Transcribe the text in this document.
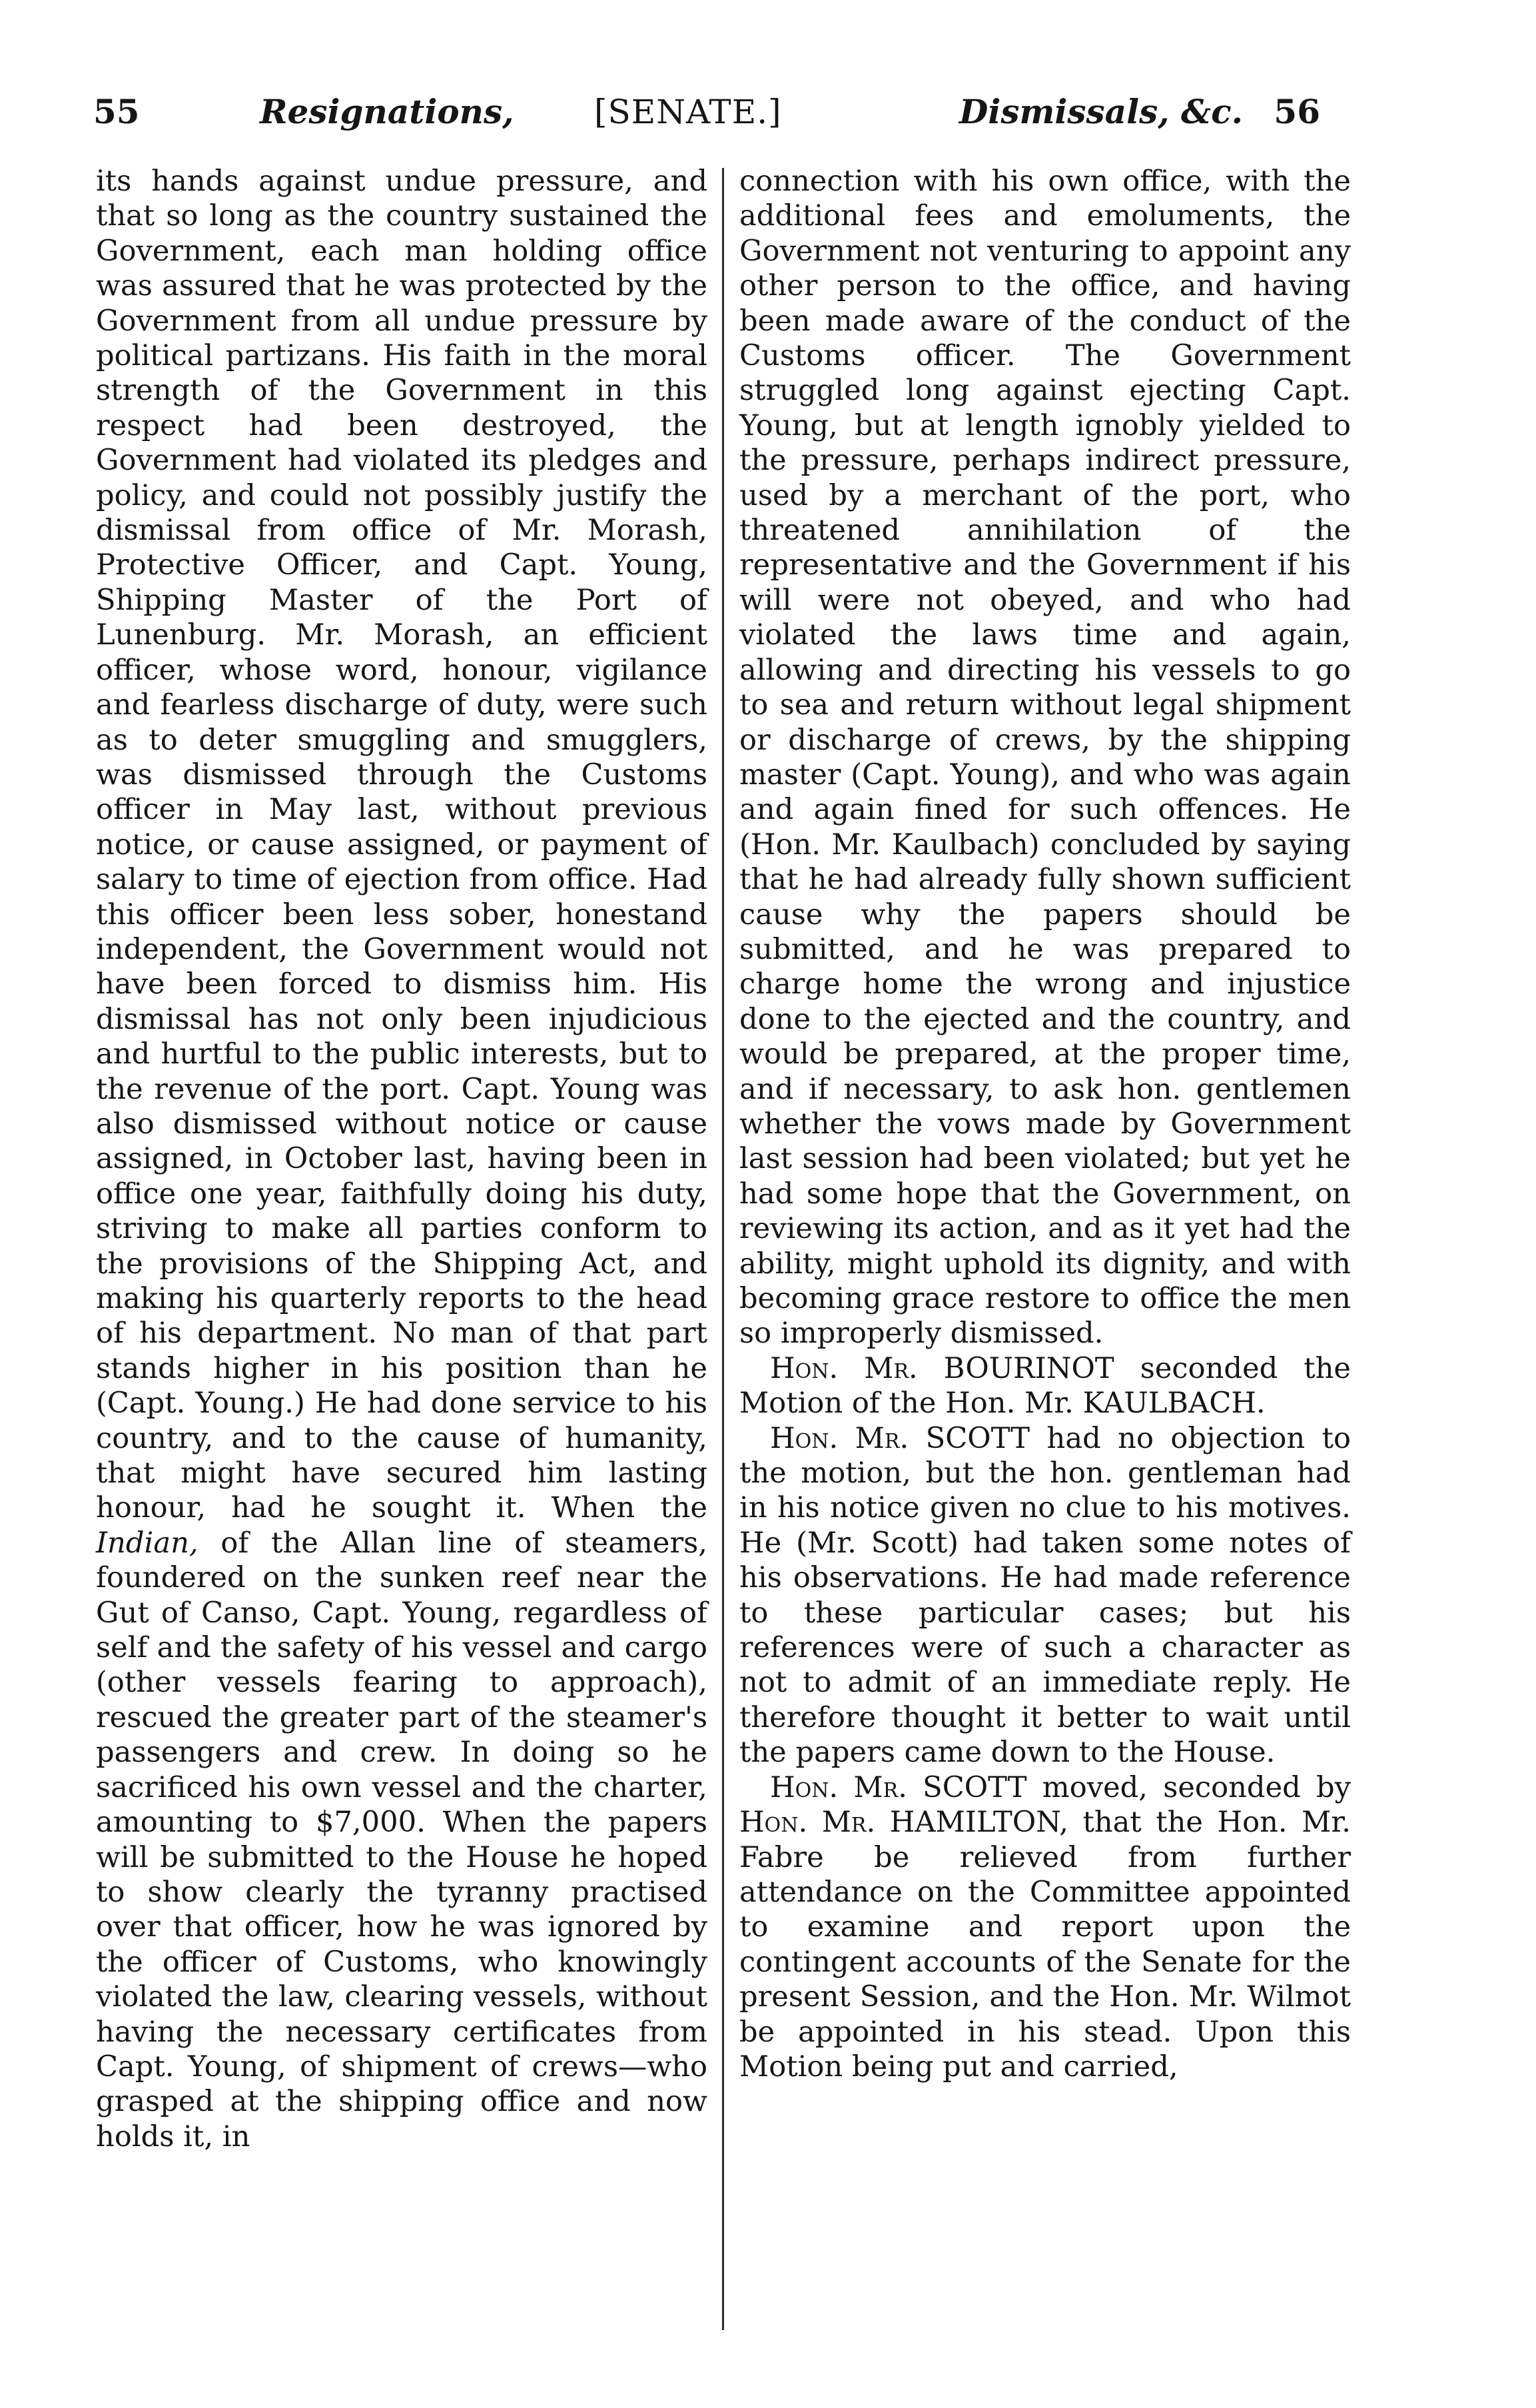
55	Resignations, [SENATE.]	Dismissals, &c. 56

its hands against undue pressure, and that so long as the country sustained the Government, each man holding office was assured that he was protected by the Government from all undue pressure by political partizans. His faith in the moral strength of the Government in this respect had been destroyed, the Government had violated its pledges and policy, and could not possibly justify the dismissal from office of Mr. Morash, Protective Officer, and Capt. Young, Shipping Master of the Port of Lunenburg. Mr. Morash, an efficient officer, whose word, honour, vigilance and fearless discharge of duty, were such as to deter smuggling and smugglers, was dismissed through the Customs officer in May last, without previous notice, or cause assigned, or payment of salary to time of ejection from office. Had this officer been less sober, honestand independent, the Government would not have been forced to dismiss him. His dismissal has not only been injudicious and hurtful to the public interests, but to the revenue of the port. Capt. Young was also dismissed without notice or cause assigned, in October last, having been in office one year, faithfully doing his duty, striving to make all parties conform to the provisions of the Shipping Act, and making his quarterly reports to the head of his department. No man of that part stands higher in his position than he (Capt. Young.) He had done service to his country, and to the cause of humanity, that might have secured him lasting honour, had he sought it. When the Indian, of the Allan line of steamers, foundered on the sunken reef near the Gut of Canso, Capt. Young, regardless of self and the safety of his vessel and cargo (other vessels fearing to approach), rescued the greater part of the steamer's passengers and crew. In doing so he sacrificed his own vessel and the charter, amounting to $7,000. When the papers will be submitted to the House he hoped to show clearly the tyranny practised over that officer, how he was ignored by the officer of Customs, who knowingly violated the law, clearing vessels, without having the necessary certificates from Capt. Young, of shipment of crews—who grasped at the shipping office and now holds it, in

connection with his own office, with the additional fees and emoluments, the Government not venturing to appoint any other person to the office, and having been made aware of the conduct of the Customs officer. The Government struggled long against ejecting Capt. Young, but at length ignobly yielded to the pressure, perhaps indirect pressure, used by a merchant of the port, who threatened annihilation of the representative and the Government if his will were not obeyed, and who had violated the laws time and again, allowing and directing his vessels to go to sea and return without legal shipment or discharge of crews, by the shipping master (Capt. Young), and who was again and again fined for such offences. He (Hon. Mr. Kaulbach) concluded by saying that he had already fully shown sufficient cause why the papers should be submitted, and he was prepared to charge home the wrong and injustice done to the ejected and the country, and would be prepared, at the proper time, and if necessary, to ask hon. gentlemen whether the vows made by Government last session had been violated; but yet he had some hope that the Government, on reviewing its action, and as it yet had the ability, might uphold its dignity, and with becoming grace restore to office the men so improperly dismissed.

Hon. Mr. BOURINOT seconded the Motion of the Hon. Mr. KAULBACH.

Hon. Mr. SCOTT had no objection to the motion, but the hon. gentleman had in his notice given no clue to his motives. He (Mr. Scott) had taken some notes of his observations. He had made reference to these particular cases; but his references were of such a character as not to admit of an immediate reply. He therefore thought it better to wait until the papers came down to the House.

Hon. Mr. SCOTT moved, seconded by Hon. Mr. HAMILTON, that the Hon. Mr. Fabre be relieved from further attendance on the Committee appointed to examine and report upon the contingent accounts of the Senate for the present Session, and the Hon. Mr. Wilmot be appointed in his stead. Upon this Motion being put and carried,
